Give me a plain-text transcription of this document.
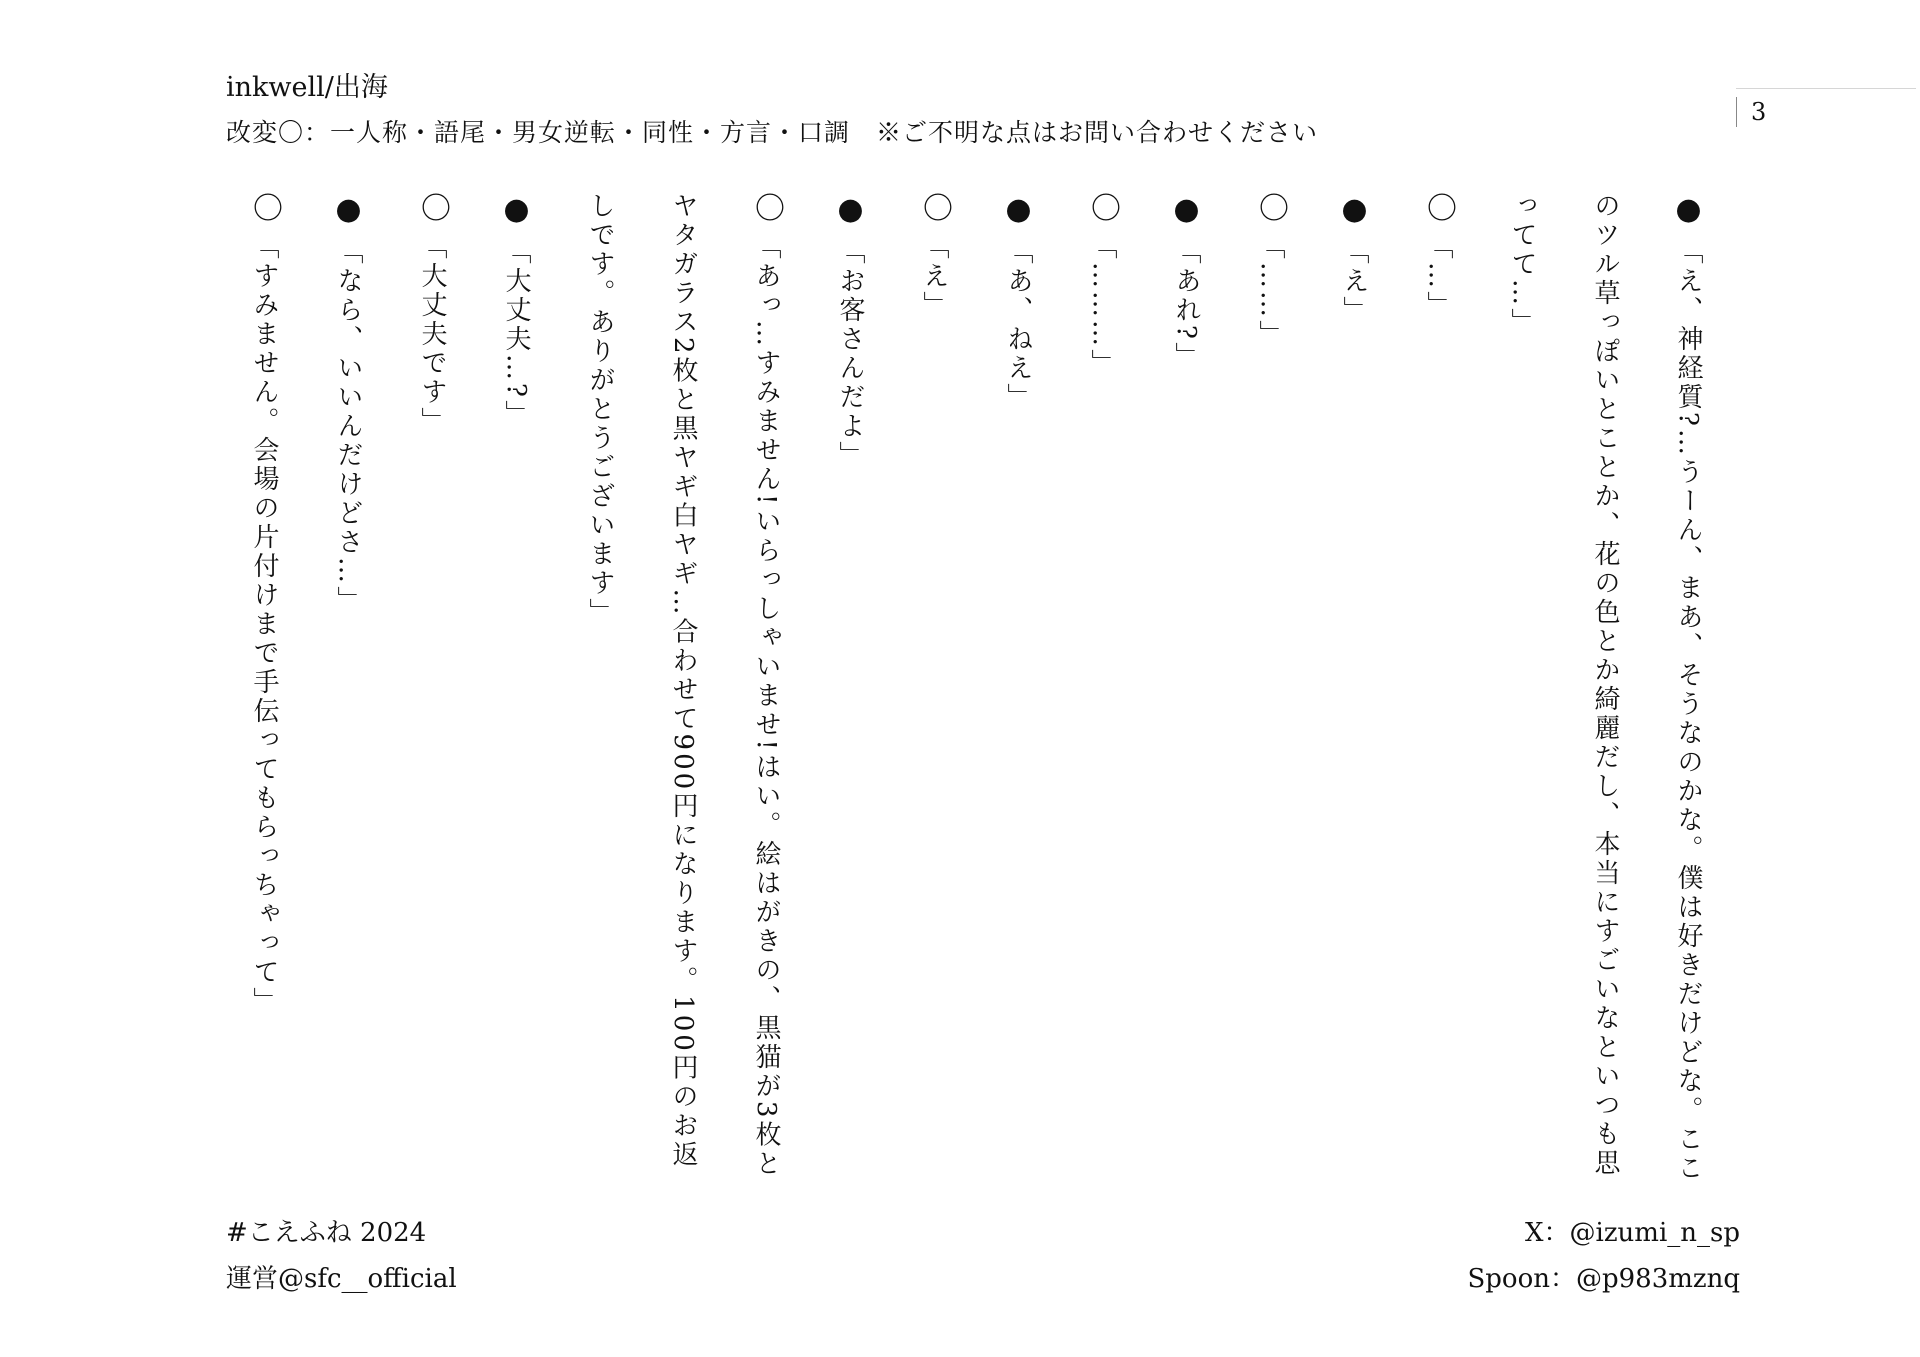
inkwell/出海
改変〇：一人称・語尾・男女逆転・同性・方言・口調　※ご不明な点はお問い合わせください
3
●「え、神経質?…うーん、まあ、そうなのかな。僕は好きだけどな。ここのツル草っぽいとことか、花の色とか綺麗だし、本当にすごいなといつも思ってて…」
〇「…」
●「え」
〇「……」
●「あれ?」
〇「………」
●「あ、ねえ」
〇「え」
●「お客さんだよ」
〇「あっ…すみません!いらっしゃいませ!はい。絵はがきの、黒猫が3枚とヤタガラス2枚と黒ヤギ白ヤギ…合わせて900円になります。100円のお返しです。ありがとうございます」
●「大丈夫…?」
〇「大丈夫です」
●「なら、いいんだけどさ…」
〇「すみません。会場の片付けまで手伝ってもらっちゃって」
#こえふね 2024
運営@sfc__official
X：@izumi_n_sp
Spoon：@p983mznq
